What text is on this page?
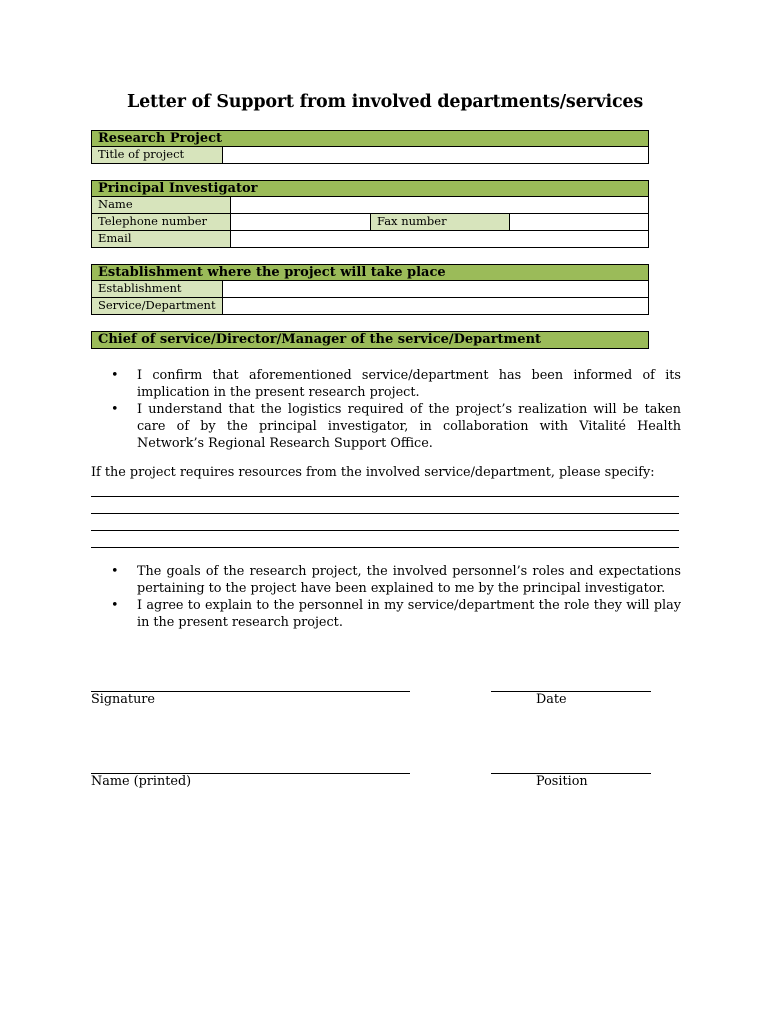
Letter of Support from involved departments/services
Research Project
Title of project
Principal Investigator
Name
Telephone number	Fax number
Email
Establishment where the project will take place
Establishment
Service/Department
Chief of service/Director/Manager of the service/Department
• I confirm that aforementioned service/department has been informed of its implication in the present research project.
• I understand that the logistics required of the project’s realization will be taken care of by the principal investigator, in collaboration with Vitalité Health Network’s Regional Research Support Office.
If the project requires resources from the involved service/department, please specify:
• The goals of the research project, the involved personnel’s roles and expectations pertaining to the project have been explained to me by the principal investigator.
• I agree to explain to the personnel in my service/department the role they will play in the present research project.
Signature	Date
Name (printed)	Position
